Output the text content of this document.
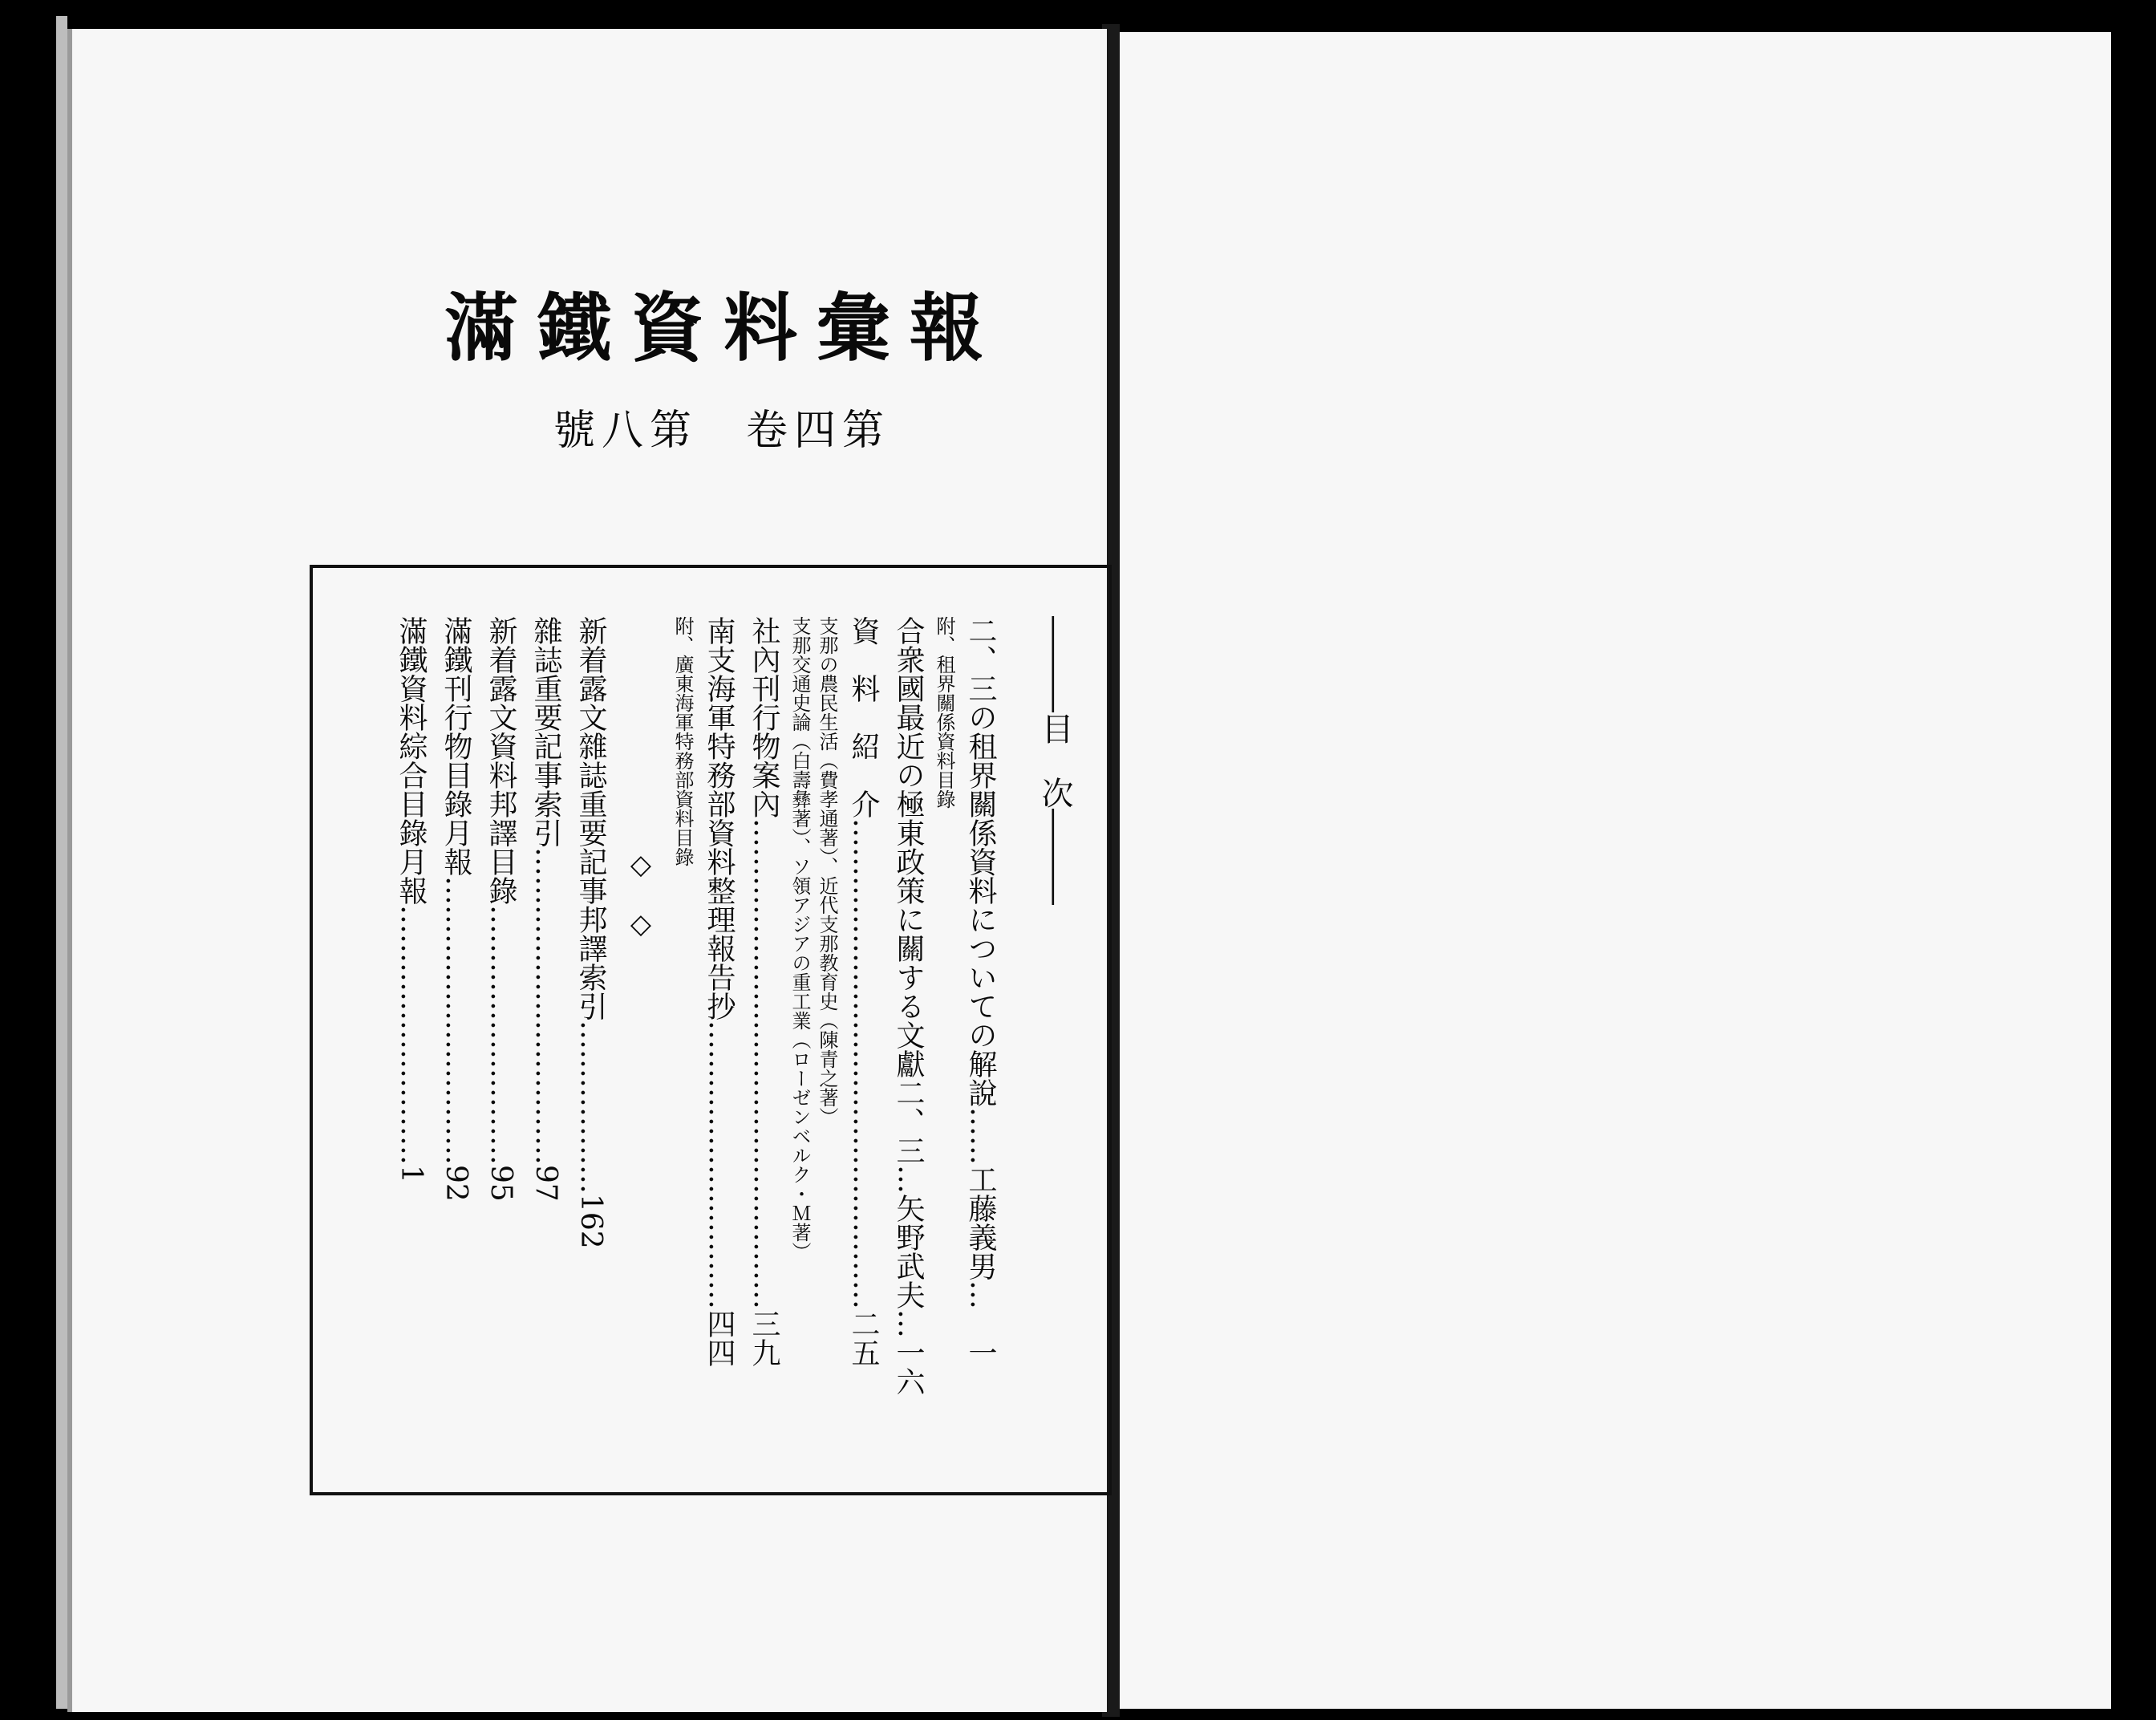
報彙料資鐵滿
號八第　卷四第
―――目　次―――
二、三の租界關係資料についての解說……工藤義男…　一
附、租界關係資料目錄
合衆國最近の極東政策に關する文獻二、三…矢野武夫…一六
資　料　紹　介……………………………………………二五
支那の農民生活（費孝通著）、近代支那教育史（陳青之著）
支那交通史論（白壽彝著）、ソ領アジアの重工業（ローゼンベルク・Ｍ著）
社內刊行物案內……………………………………………三九
南支海軍特務部資料整理報告抄…………………………四四
附、廣東海軍特務部資料目錄
◇　◇
新着露文雜誌重要記事邦譯索引………………162
雜誌重要記事索引……………………………97
新着露文資料邦譯目錄………………………95
滿鐵刊行物目錄月報…………………………92
滿鐵資料綜合目錄月報………………………1
